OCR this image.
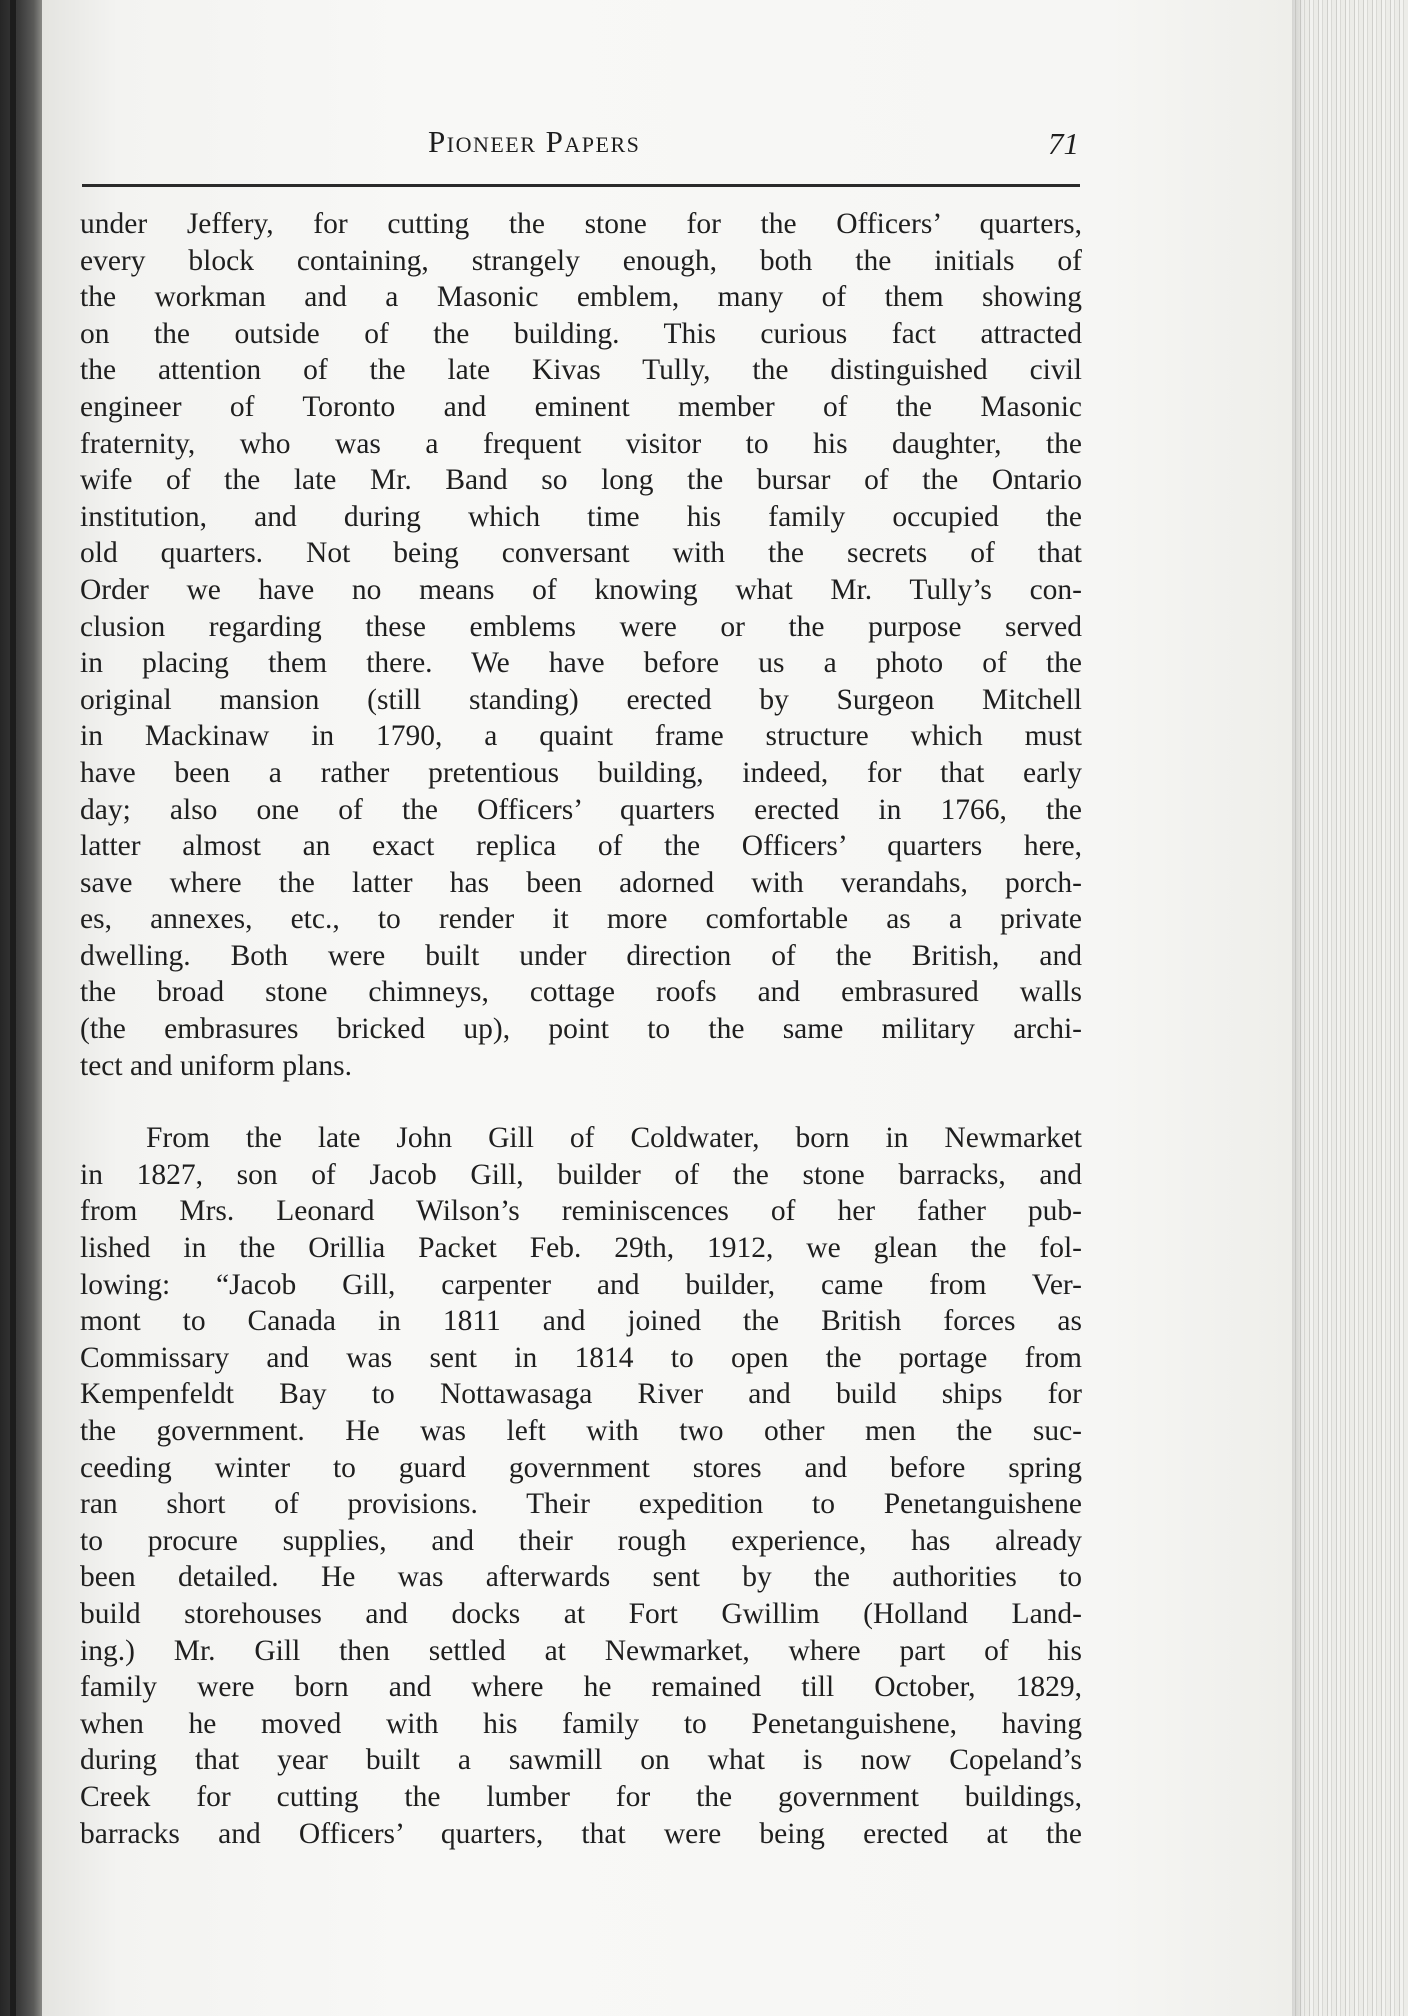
Pioneer Papers	71

under Jeffery, for cutting the stone for the Officers’ quarters,
every block containing, strangely enough, both the initials of
the workman and a Masonic emblem, many of them showing
on the outside of the building. This curious fact attracted
the attention of the late Kivas Tully, the distinguished civil
engineer of Toronto and eminent member of the Masonic
fraternity, who was a frequent visitor to his daughter, the
wife of the late Mr. Band so long the bursar of the Ontario
institution, and during which time his family occupied the
old quarters. Not being conversant with the secrets of that
Order we have no means of knowing what Mr. Tully’s con-
clusion regarding these emblems were or the purpose served
in placing them there. We have before us a photo of the
original mansion (still standing) erected by Surgeon Mitchell
in Mackinaw in 1790, a quaint frame structure which must
have been a rather pretentious building, indeed, for that early
day; also one of the Officers’ quarters erected in 1766, the
latter almost an exact replica of the Officers’ quarters here,
save where the latter has been adorned with verandahs, porch-
es, annexes, etc., to render it more comfortable as a private
dwelling. Both were built under direction of the British, and
the broad stone chimneys, cottage roofs and embrasured walls
(the embrasures bricked up), point to the same military archi-
tect and uniform plans.

From the late John Gill of Coldwater, born in Newmarket
in 1827, son of Jacob Gill, builder of the stone barracks, and
from Mrs. Leonard Wilson’s reminiscences of her father pub-
lished in the Orillia Packet Feb. 29th, 1912, we glean the fol-
lowing: “Jacob Gill, carpenter and builder, came from Ver-
mont to Canada in 1811 and joined the British forces as
Commissary and was sent in 1814 to open the portage from
Kempenfeldt Bay to Nottawasaga River and build ships for
the government. He was left with two other men the suc-
ceeding winter to guard government stores and before spring
ran short of provisions. Their expedition to Penetanguishene
to procure supplies, and their rough experience, has already
been detailed. He was afterwards sent by the authorities to
build storehouses and docks at Fort Gwillim (Holland Land-
ing.) Mr. Gill then settled at Newmarket, where part of his
family were born and where he remained till October, 1829,
when he moved with his family to Penetanguishene, having
during that year built a sawmill on what is now Copeland’s
Creek for cutting the lumber for the government buildings,
barracks and Officers’ quarters, that were being erected at the
